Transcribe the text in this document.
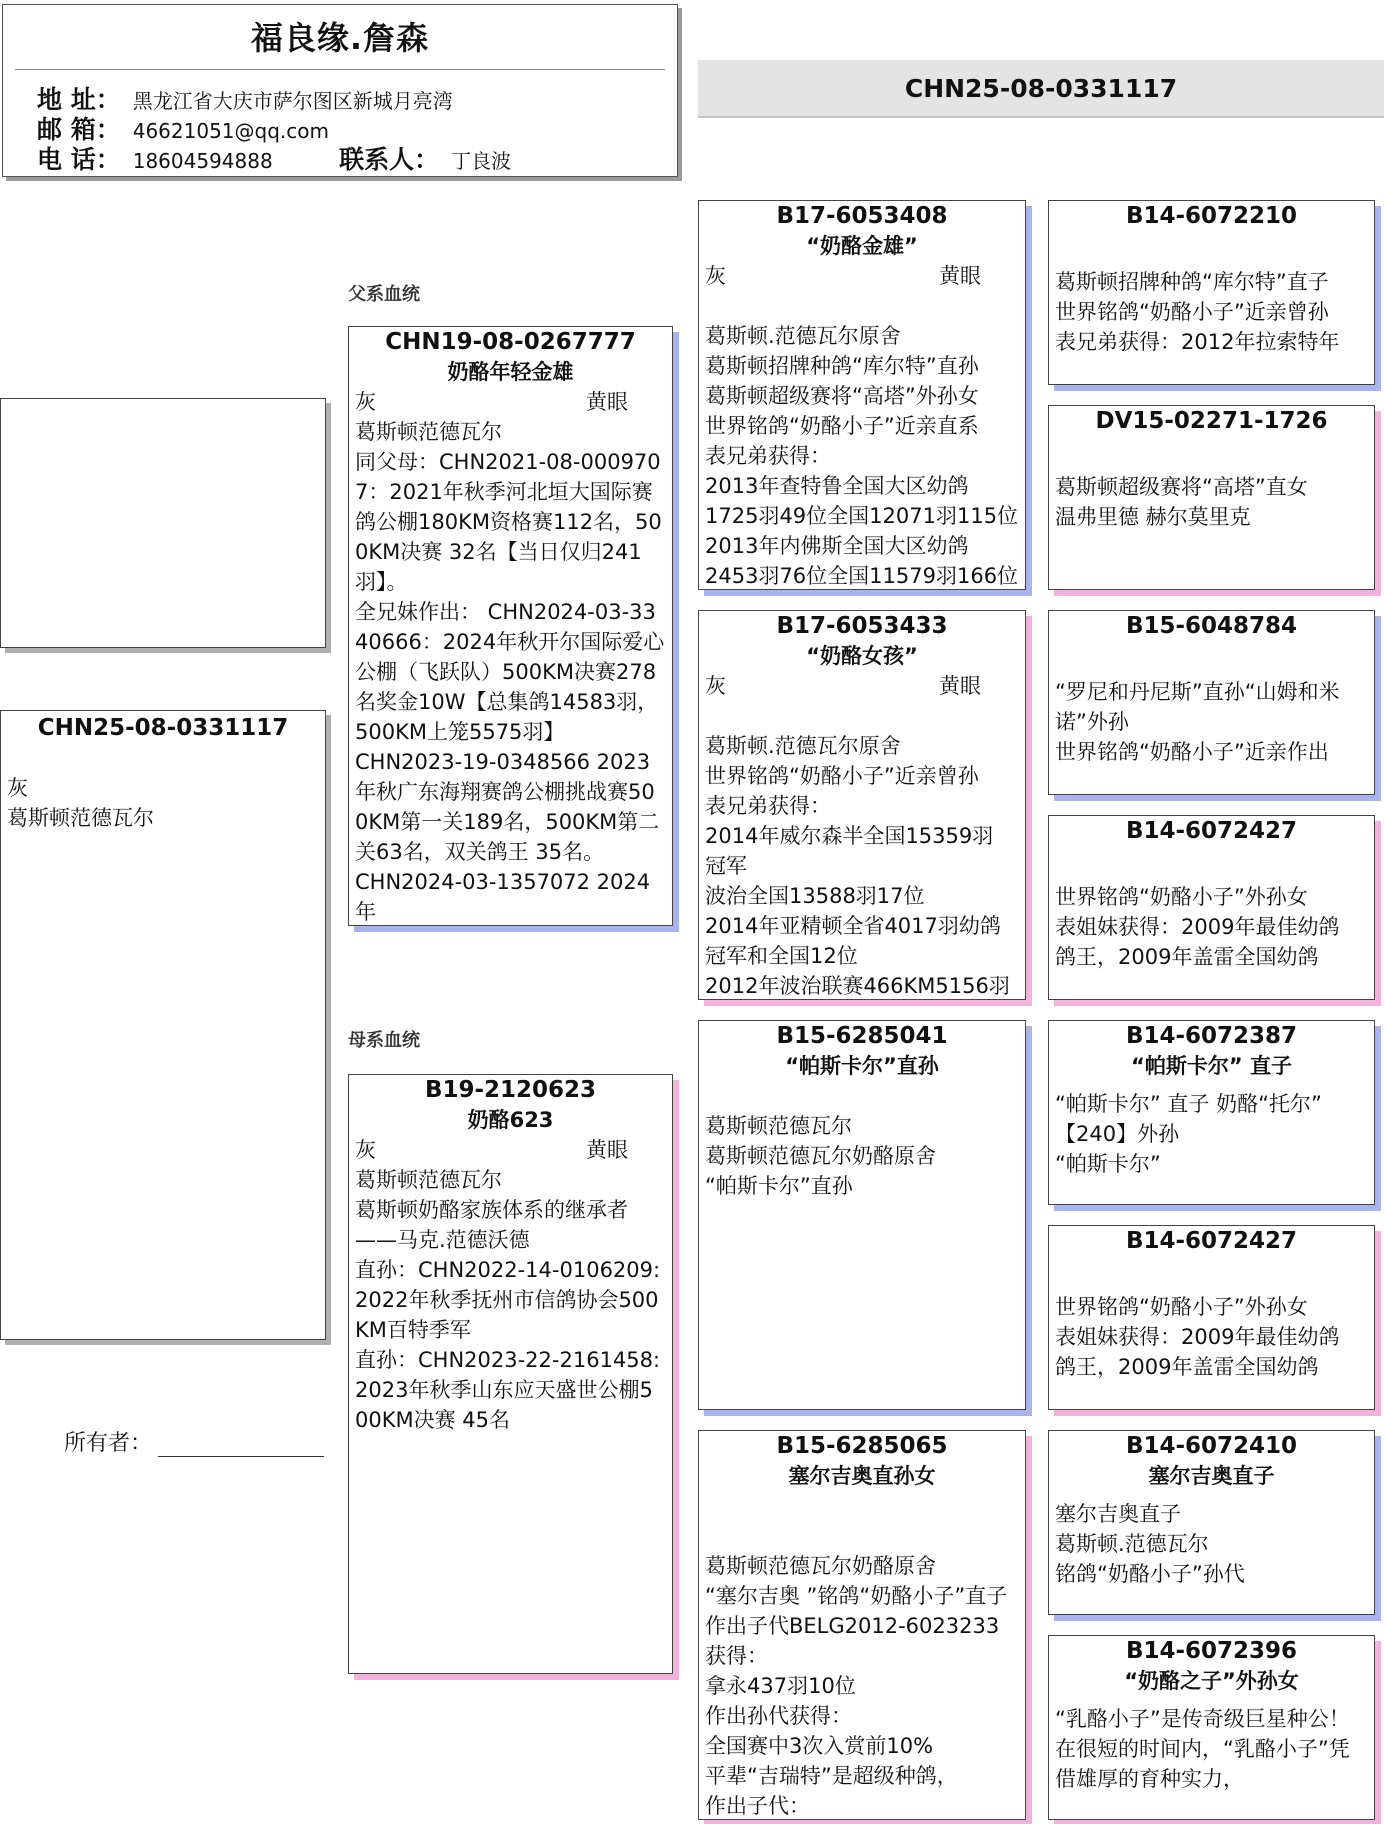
福良缘.詹森
地 址： 黑龙江省大庆市萨尔图区新城月亮湾
邮 箱： 46621051@qq.com
电 话： 18604594888	联系人： 丁良波
CHN25-08-0331117
CHN25-08-0331117
灰
葛斯顿范德瓦尔
所有者：
父系血统
母系血统
CHN19-08-0267777
奶酪年轻金雄
灰	黄眼
葛斯顿范德瓦尔
同父母：CHN2021-08-0009707：2021年秋季河北垣大国际赛鸽公棚180KM资格赛112名，500KM决赛 32名【当日仅归241羽】。
全兄妹作出： CHN2024-03-3340666：2024年秋开尔国际爱心公棚（飞跃队）500KM决赛278名奖金10W【总集鸽14583羽，500KM上笼5575羽】
CHN2023-19-0348566 2023年秋广东海翔赛鸽公棚挑战赛500KM第一关189名，500KM第二关63名，双关鸽王 35名。
CHN2024-03-1357072 2024年
B19-2120623
奶酪623
灰	黄眼
葛斯顿范德瓦尔
葛斯顿奶酪家族体系的继承者——马克.范德沃德
直孙：CHN2022-14-0106209:2022年秋季抚州市信鸽协会500KM百特季军
直孙：CHN2023-22-2161458:2023年秋季山东应天盛世公棚500KM决赛 45名
B17-6053408
“奶酪金雄”
灰	黄眼
葛斯顿.范德瓦尔原舍
葛斯顿招牌种鸽“库尔特”直孙
葛斯顿超级赛将“高塔”外孙女
世界铭鸽“奶酪小子”近亲直系
表兄弟获得：
2013年查特鲁全国大区幼鸽
1725羽49位全国12071羽115位
2013年内佛斯全国大区幼鸽
2453羽76位全国11579羽166位
B17-6053433
“奶酪女孩”
灰	黄眼
葛斯顿.范德瓦尔原舍
世界铭鸽“奶酪小子”近亲曾孙
表兄弟获得：
2014年威尔森半全国15359羽
冠军
波治全国13588羽17位
2014年亚精顿全省4017羽幼鸽
冠军和全国12位
2012年波治联赛466KM5156羽
B15-6285041
“帕斯卡尔”直孙
葛斯顿范德瓦尔
葛斯顿范德瓦尔奶酪原舍
“帕斯卡尔”直孙
B15-6285065
塞尔吉奥直孙女
葛斯顿范德瓦尔奶酪原舍
“塞尔吉奥 ”铭鸽“奶酪小子”直子
作出子代BELG2012-6023233
获得：
拿永437羽10位
作出孙代获得：
全国赛中3次入赏前10%
平辈“吉瑞特”是超级种鸽，
作出子代：
B14-6072210
葛斯顿招牌种鸽“库尔特”直子
世界铭鸽“奶酪小子”近亲曾孙
表兄弟获得：2012年拉索特年
DV15-02271-1726
葛斯顿超级赛将“高塔”直女
温弗里德 赫尔莫里克
B15-6048784
“罗尼和丹尼斯”直孙“山姆和米
诺”外孙
世界铭鸽“奶酪小子”近亲作出
B14-6072427
世界铭鸽“奶酪小子”外孙女
表姐妹获得：2009年最佳幼鸽
鸽王，2009年盖雷全国幼鸽
B14-6072387
“帕斯卡尔” 直子
“帕斯卡尔” 直子 奶酪“托尔”
【240】外孙
“帕斯卡尔”
B14-6072427
世界铭鸽“奶酪小子”外孙女
表姐妹获得：2009年最佳幼鸽
鸽王，2009年盖雷全国幼鸽
B14-6072410
塞尔吉奥直子
塞尔吉奥直子
葛斯顿.范德瓦尔
铭鸽“奶酪小子”孙代
B14-6072396
“奶酪之子”外孙女
“乳酪小子”是传奇级巨星种公！
在很短的时间内，“乳酪小子”凭
借雄厚的育种实力，
